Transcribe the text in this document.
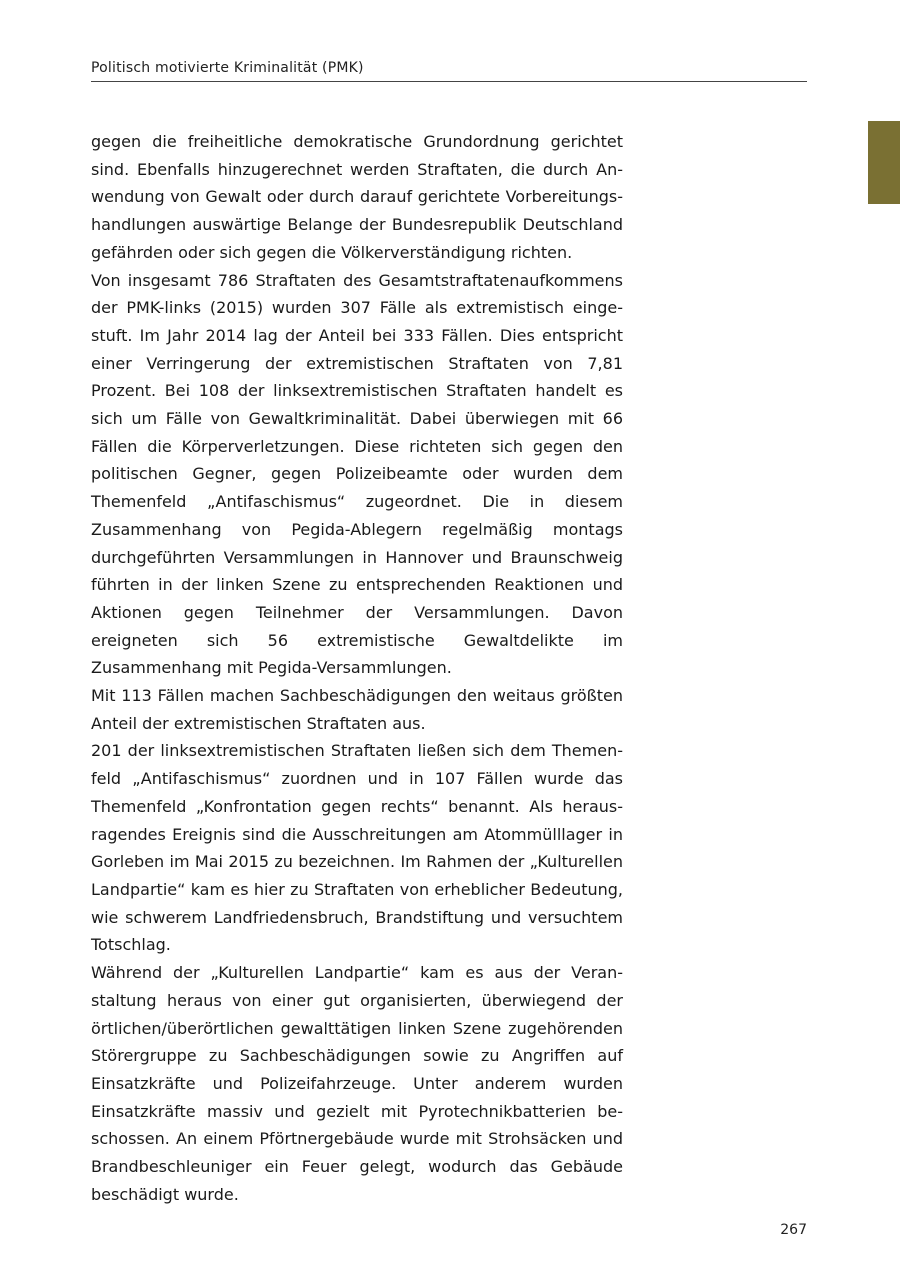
Politisch motivierte Kriminalität (PMK)

gegen die freiheitliche demokratische Grundordnung gerichtet sind. Ebenfalls hinzugerechnet werden Straftaten, die durch Anwendung von Gewalt oder durch darauf gerichtete Vorbereitungshandlungen auswärtige Belange der Bundesrepublik Deutschland gefährden oder sich gegen die Völkerverständigung richten.

Von insgesamt 786 Straftaten des Gesamtstraftatenaufkommens der PMK-links (2015) wurden 307 Fälle als extremistisch eingestuft. Im Jahr 2014 lag der Anteil bei 333 Fällen. Dies entspricht einer Verringerung der extremistischen Straftaten von 7,81 Prozent. Bei 108 der linksextremistischen Straftaten handelt es sich um Fälle von Gewaltkriminalität. Dabei überwiegen mit 66 Fällen die Körperverletzungen. Diese richteten sich gegen den politischen Gegner, gegen Polizeibeamte oder wurden dem Themenfeld „Antifaschismus“ zugeordnet. Die in diesem Zusammenhang von Pegida-Ablegern regelmäßig montags durchgeführten Versammlungen in Hannover und Braunschweig führten in der linken Szene zu entsprechenden Reaktionen und Aktionen gegen Teilnehmer der Versammlungen. Davon ereigneten sich 56 extremistische Gewaltdelikte im Zusammenhang mit Pegida-Versammlungen.

Mit 113 Fällen machen Sachbeschädigungen den weitaus größten Anteil der extremistischen Straftaten aus.

201 der linksextremistischen Straftaten ließen sich dem Themenfeld „Antifaschismus“ zuordnen und in 107 Fällen wurde das Themenfeld „Konfrontation gegen rechts“ benannt. Als herausragendes Ereignis sind die Ausschreitungen am Atommülllager in Gorleben im Mai 2015 zu bezeichnen. Im Rahmen der „Kulturellen Landpartie“ kam es hier zu Straftaten von erheblicher Bedeutung, wie schwerem Landfriedensbruch, Brandstiftung und versuchtem Totschlag.

Während der „Kulturellen Landpartie“ kam es aus der Veranstaltung heraus von einer gut organisierten, überwiegend der örtlichen/überörtlichen gewalttätigen linken Szene zugehörenden Störergruppe zu Sachbeschädigungen sowie zu Angriffen auf Einsatzkräfte und Polizeifahrzeuge. Unter anderem wurden Einsatzkräfte massiv und gezielt mit Pyrotechnikbatterien beschossen. An einem Pförtnergebäude wurde mit Strohsäcken und Brandbeschleuniger ein Feuer gelegt, wodurch das Gebäude beschädigt wurde.

267
